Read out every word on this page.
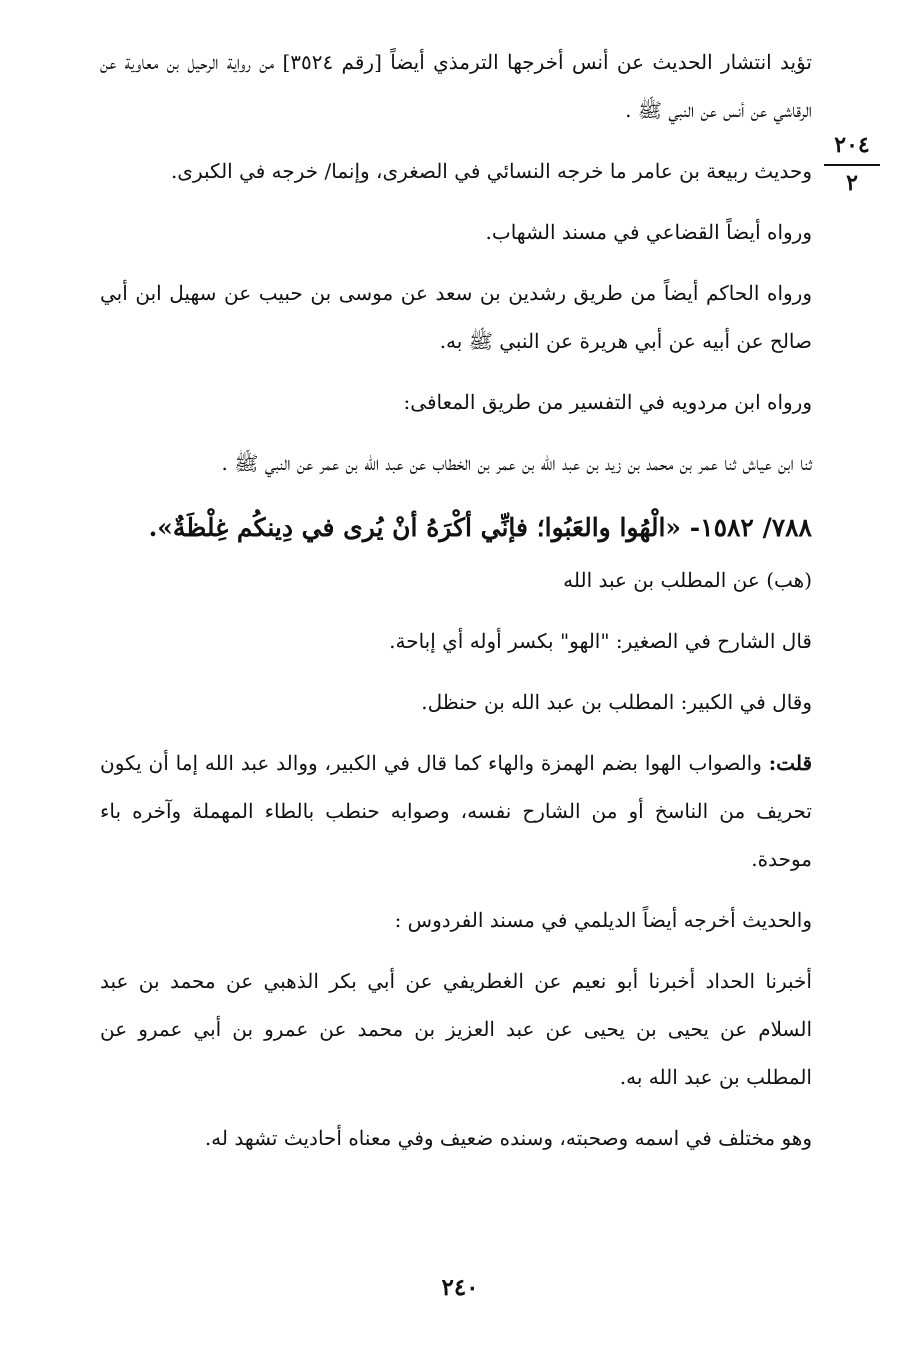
٢٠٤
٢

تؤيد انتشار الحديث عن أنس أخرجها الترمذي أيضاً [رقم ٣٥٢٤] من رواية الرحيل بن معاوية عن الرقاشي عن أنس عن النبي ﷺ .

وحديث ربيعة بن عامر ما خرجه النسائي في الصغرى، وإنما/ خرجه في الكبرى.

ورواه أيضاً القضاعي في مسند الشهاب.

ورواه الحاكم أيضاً من طريق رشدين بن سعد عن موسى بن حبيب عن سهيل ابن أبي صالح عن أبيه عن أبي هريرة عن النبي ﷺ به.

ورواه ابن مردويه في التفسير من طريق المعافى:

ثنا ابن عياش ثنا عمر بن محمد بن زيد بن عبد الله بن عمر بن الخطاب عن عبد الله بن عمر عن النبي ﷺ .

٧٨٨/ ١٥٨٢- «الْهُوا والعَبُوا؛ فإنِّي أكْرَهُ أنْ يُرى في دِينكُم غِلْظَةٌ».

(هب) عن المطلب بن عبد الله

قال الشارح في الصغير: "الهو" بكسر أوله أي إباحة.

وقال في الكبير: المطلب بن عبد الله بن حنظل.

قلت: والصواب الهوا بضم الهمزة والهاء كما قال في الكبير، ووالد عبد الله إما أن يكون تحريف من الناسخ أو من الشارح نفسه، وصوابه حنطب بالطاء المهملة وآخره باء موحدة.

والحديث أخرجه أيضاً الديلمي في مسند الفردوس :

أخبرنا الحداد أخبرنا أبو نعيم عن الغطريفي عن أبي بكر الذهبي عن محمد بن عبد السلام عن يحيى بن يحيى عن عبد العزيز بن محمد عن عمرو بن أبي عمرو عن المطلب بن عبد الله به.

وهو مختلف في اسمه وصحبته، وسنده ضعيف وفي معناه أحاديث تشهد له.

٢٤٠
